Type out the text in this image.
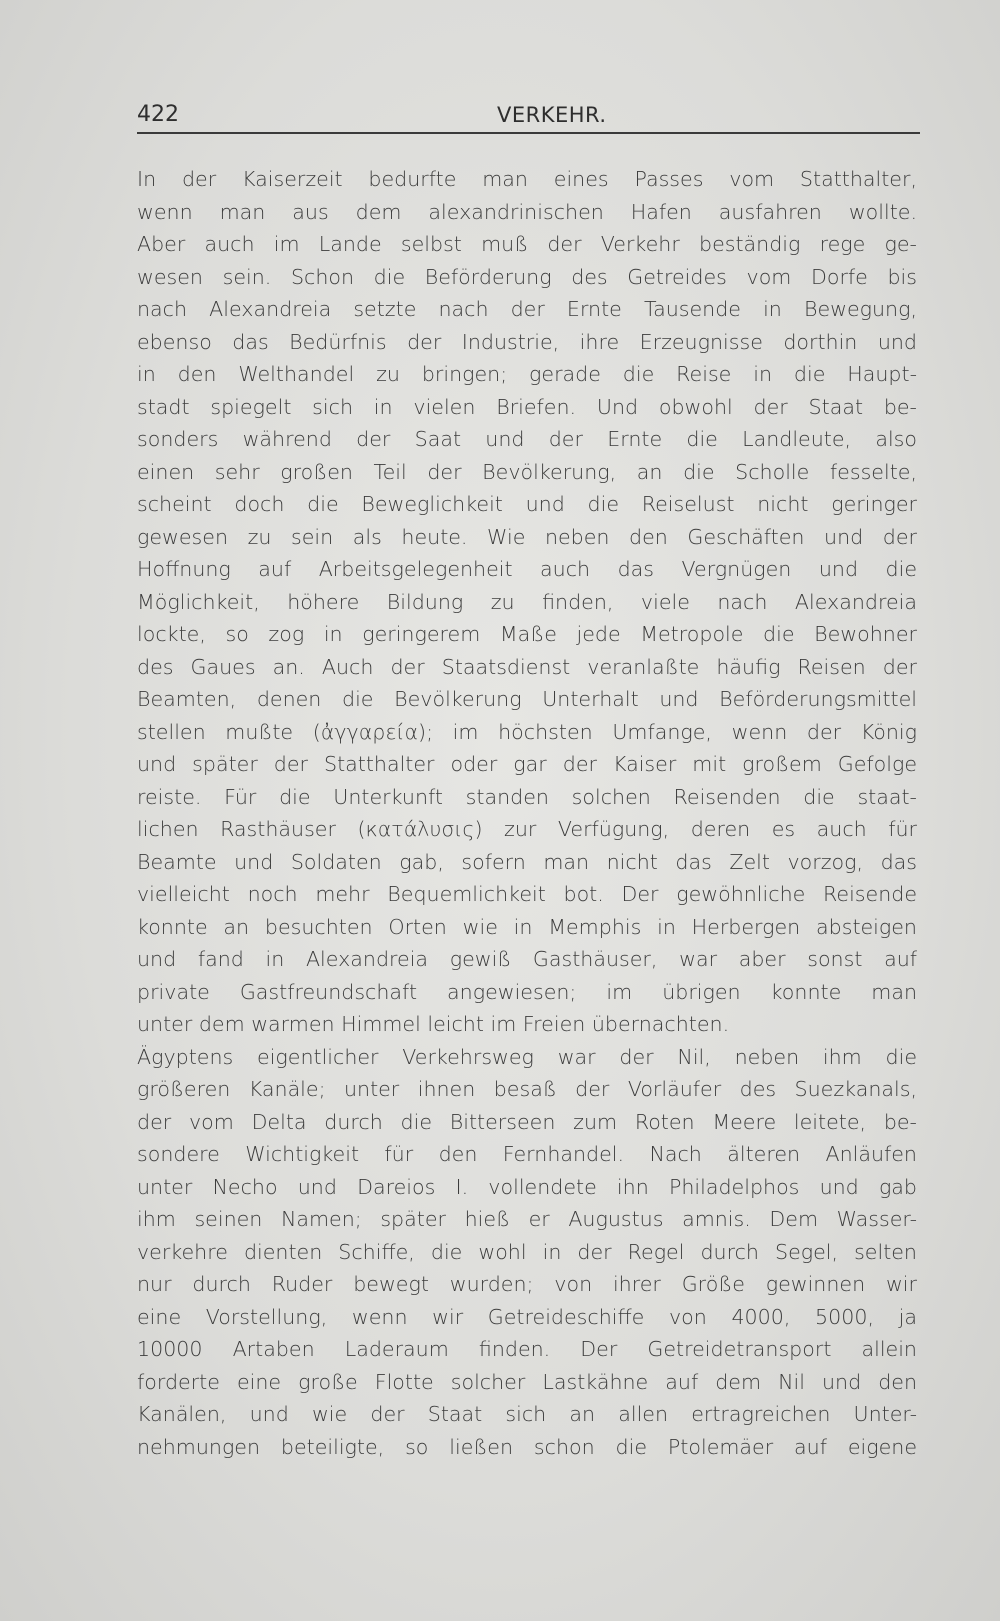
422	VERKEHR.
In der Kaiserzeit bedurfte man eines Passes vom Statthalter,
wenn man aus dem alexandrinischen Hafen ausfahren wollte.
Aber auch im Lande selbst muß der Verkehr beständig rege ge-
wesen sein. Schon die Beförderung des Getreides vom Dorfe bis
nach Alexandreia setzte nach der Ernte Tausende in Bewegung,
ebenso das Bedürfnis der Industrie, ihre Erzeugnisse dorthin und
in den Welthandel zu bringen; gerade die Reise in die Haupt-
stadt spiegelt sich in vielen Briefen. Und obwohl der Staat be-
sonders während der Saat und der Ernte die Landleute, also
einen sehr großen Teil der Bevölkerung, an die Scholle fesselte,
scheint doch die Beweglichkeit und die Reiselust nicht geringer
gewesen zu sein als heute. Wie neben den Geschäften und der
Hoffnung auf Arbeitsgelegenheit auch das Vergnügen und die
Möglichkeit, höhere Bildung zu finden, viele nach Alexandreia
lockte, so zog in geringerem Maße jede Metropole die Bewohner
des Gaues an. Auch der Staatsdienst veranlaßte häufig Reisen der
Beamten, denen die Bevölkerung Unterhalt und Beförderungsmittel
stellen mußte (ἀγγαρεία); im höchsten Umfange, wenn der König
und später der Statthalter oder gar der Kaiser mit großem Gefolge
reiste. Für die Unterkunft standen solchen Reisenden die staat-
lichen Rasthäuser (κατάλυσις) zur Verfügung, deren es auch für
Beamte und Soldaten gab, sofern man nicht das Zelt vorzog, das
vielleicht noch mehr Bequemlichkeit bot. Der gewöhnliche Reisende
konnte an besuchten Orten wie in Memphis in Herbergen absteigen
und fand in Alexandreia gewiß Gasthäuser, war aber sonst auf
private Gastfreundschaft angewiesen; im übrigen konnte man
unter dem warmen Himmel leicht im Freien übernachten.
Ägyptens eigentlicher Verkehrsweg war der Nil, neben ihm die
größeren Kanäle; unter ihnen besaß der Vorläufer des Suezkanals,
der vom Delta durch die Bitterseen zum Roten Meere leitete, be-
sondere Wichtigkeit für den Fernhandel. Nach älteren Anläufen
unter Necho und Dareios I. vollendete ihn Philadelphos und gab
ihm seinen Namen; später hieß er Augustus amnis. Dem Wasser-
verkehre dienten Schiffe, die wohl in der Regel durch Segel, selten
nur durch Ruder bewegt wurden; von ihrer Größe gewinnen wir
eine Vorstellung, wenn wir Getreideschiffe von 4000, 5000, ja
10000 Artaben Laderaum finden. Der Getreidetransport allein
forderte eine große Flotte solcher Lastkähne auf dem Nil und den
Kanälen, und wie der Staat sich an allen ertragreichen Unter-
nehmungen beteiligte, so ließen schon die Ptolemäer auf eigene
